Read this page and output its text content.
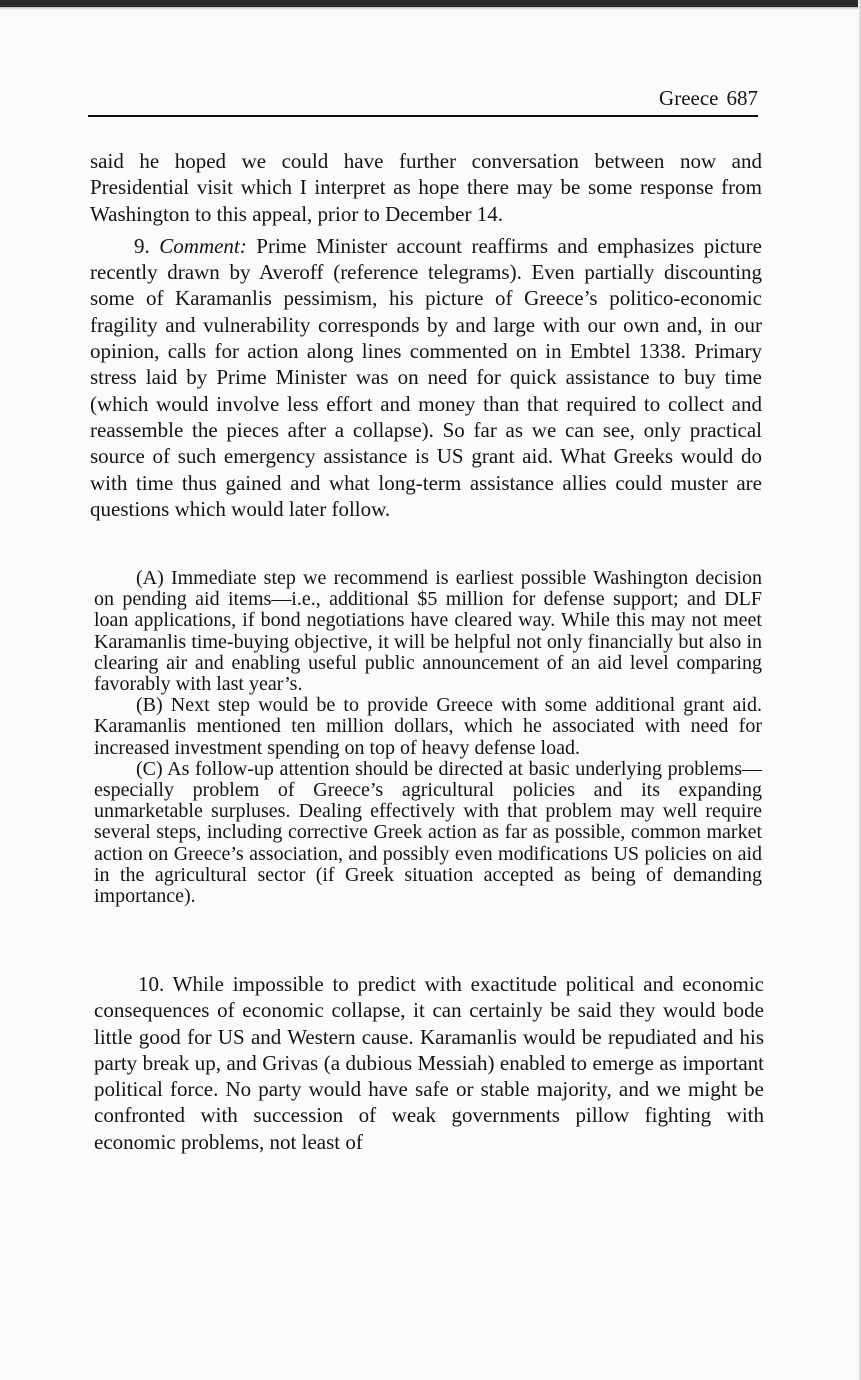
Greece 687

said he hoped we could have further conversation between now and Presidential visit which I interpret as hope there may be some response from Washington to this appeal, prior to December 14.

9. Comment: Prime Minister account reaffirms and emphasizes picture recently drawn by Averoff (reference telegrams). Even partially discounting some of Karamanlis pessimism, his picture of Greece’s politico-economic fragility and vulnerability corresponds by and large with our own and, in our opinion, calls for action along lines commented on in Embtel 1338. Primary stress laid by Prime Minister was on need for quick assistance to buy time (which would involve less effort and money than that required to collect and reassemble the pieces after a collapse). So far as we can see, only practical source of such emergency assistance is US grant aid. What Greeks would do with time thus gained and what long-term assistance allies could muster are questions which would later follow.

(A) Immediate step we recommend is earliest possible Washington decision on pending aid items—i.e., additional $5 million for defense support; and DLF loan applications, if bond negotiations have cleared way. While this may not meet Karamanlis time-buying objective, it will be helpful not only financially but also in clearing air and enabling useful public announcement of an aid level comparing favorably with last year’s.

(B) Next step would be to provide Greece with some additional grant aid. Karamanlis mentioned ten million dollars, which he associated with need for increased investment spending on top of heavy defense load.

(C) As follow-up attention should be directed at basic underlying problems—especially problem of Greece’s agricultural policies and its expanding unmarketable surpluses. Dealing effectively with that problem may well require several steps, including corrective Greek action as far as possible, common market action on Greece’s association, and possibly even modifications US policies on aid in the agricultural sector (if Greek situation accepted as being of demanding importance).

10. While impossible to predict with exactitude political and economic consequences of economic collapse, it can certainly be said they would bode little good for US and Western cause. Karamanlis would be repudiated and his party break up, and Grivas (a dubious Messiah) enabled to emerge as important political force. No party would have safe or stable majority, and we might be confronted with succession of weak governments pillow fighting with economic problems, not least of
